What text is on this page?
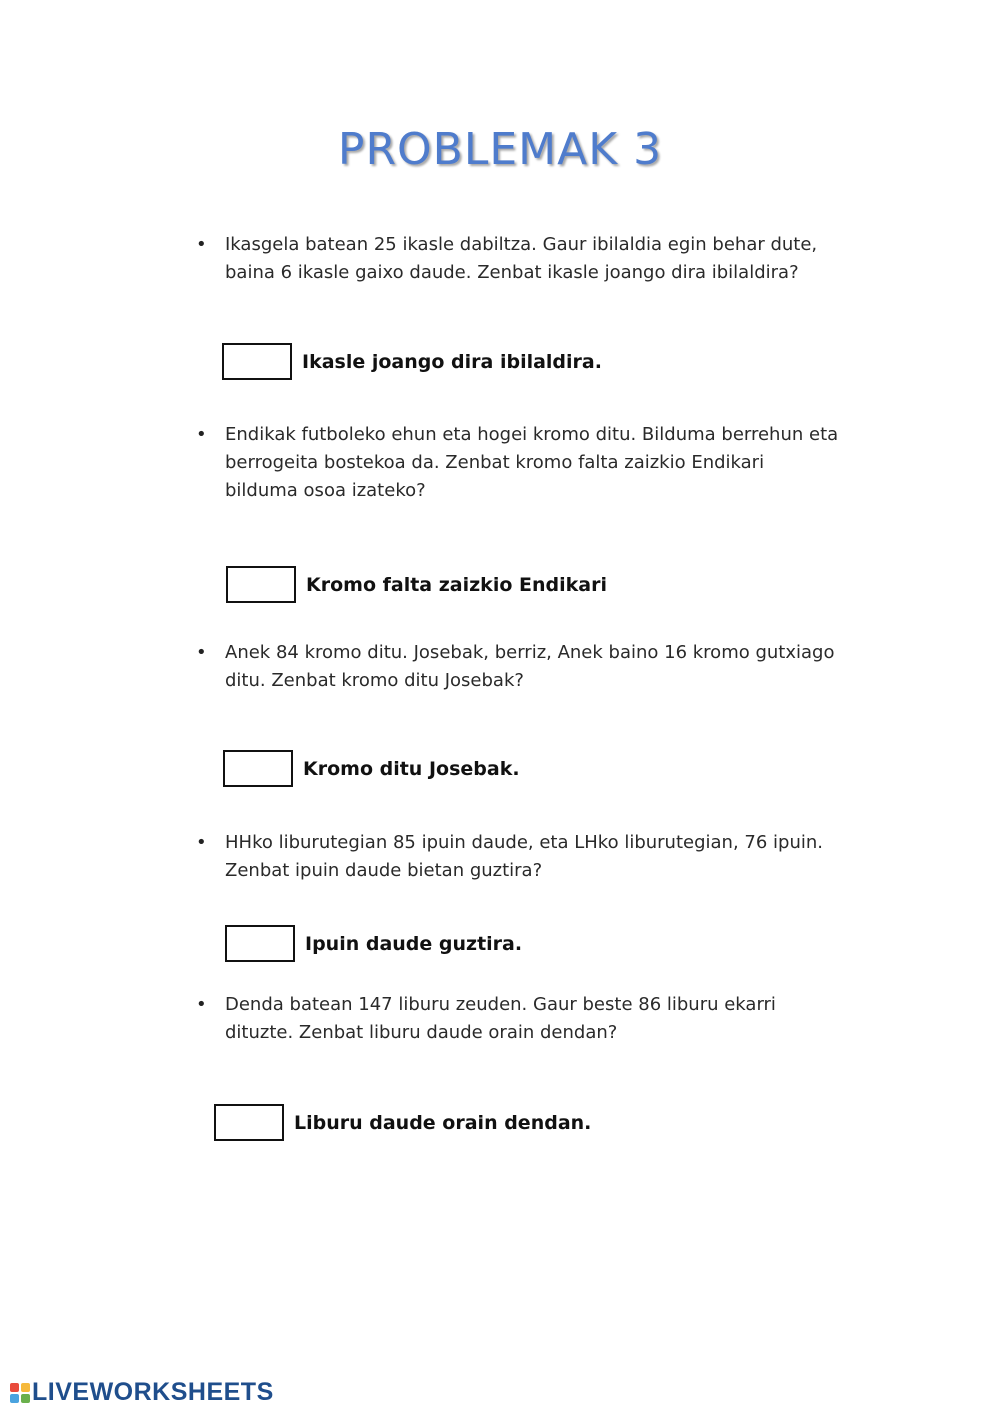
PROBLEMAK 3
• Ikasgela batean 25 ikasle dabiltza. Gaur ibilaldia egin behar dute,
baina 6 ikasle gaixo daude. Zenbat ikasle joango dira ibilaldira?
Ikasle joango dira ibilaldira.
• Endikak futboleko ehun eta hogei kromo ditu. Bilduma berrehun eta
berrogeita bostekoa da. Zenbat kromo falta zaizkio Endikari
bilduma osoa izateko?
Kromo falta zaizkio Endikari
• Anek 84 kromo ditu. Josebak, berriz, Anek baino 16 kromo gutxiago
ditu. Zenbat kromo ditu Josebak?
Kromo ditu Josebak.
• HHko liburutegian 85 ipuin daude, eta LHko liburutegian, 76 ipuin.
Zenbat ipuin daude bietan guztira?
Ipuin daude guztira.
• Denda batean 147 liburu zeuden. Gaur beste 86 liburu ekarri
dituzte. Zenbat liburu daude orain dendan?
Liburu daude orain dendan.
LIVEWORKSHEETS
